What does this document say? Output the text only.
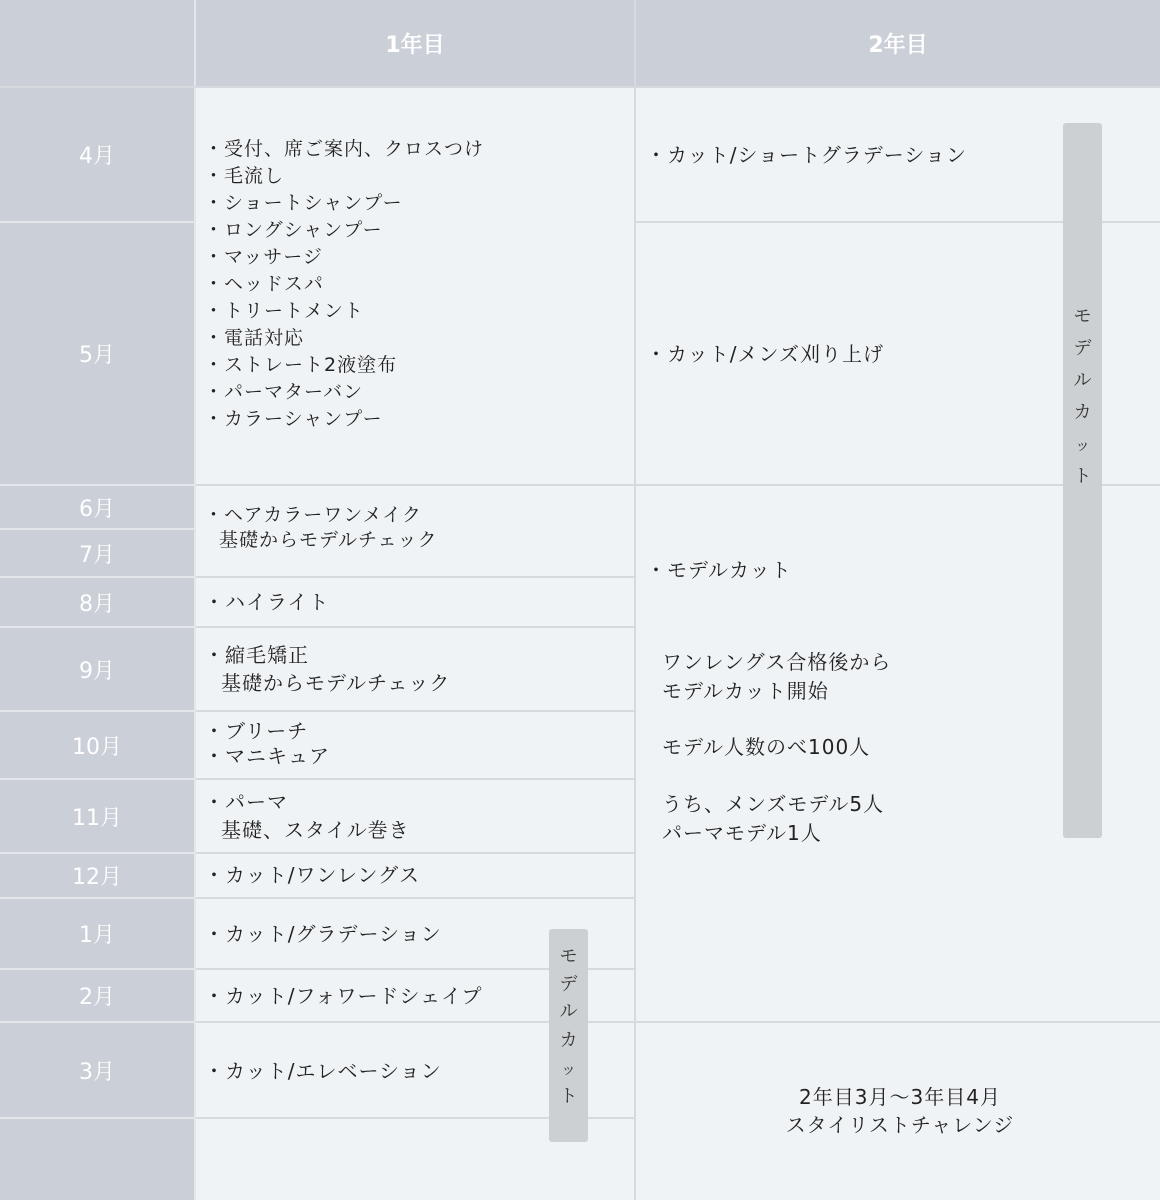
1年目	2年目
4月
5月
6月
7月
8月
9月
10月
11月
12月
1月
2月
3月
・ 受付、席ご案内、クロスつけ
・ 毛流し
・ ショートシャンプー
・ ロングシャンプー
・ マッサージ
・ ヘッドスパ
・ トリートメント
・ 電話対応
・ ストレート2液塗布
・ パーマターバン
・ カラーシャンプー
・ ヘアカラーワンメイク
基礎からモデルチェック
・ ハイライト
・ 縮毛矯正
基礎からモデルチェック
・ ブリーチ
・ マニキュア
・ パーマ
基礎、スタイル巻き
・ カット/ワンレングス
・ カット/グラデーション
・ カット/フォワードシェイプ
・ カット/エレベーション
モ
デ
ル
カ
ッ
ト
・ カット/ショートグラデーション
・ カット/メンズ刈り上げ
・ モデルカット
ワンレングス合格後から
モデルカット開始
モデル人数のべ100人
うち、メンズモデル5人
パーマモデル1人
2年目3月〜3年目4月
スタイリストチャレンジ
モ
デ
ル
カ
ッ
ト
